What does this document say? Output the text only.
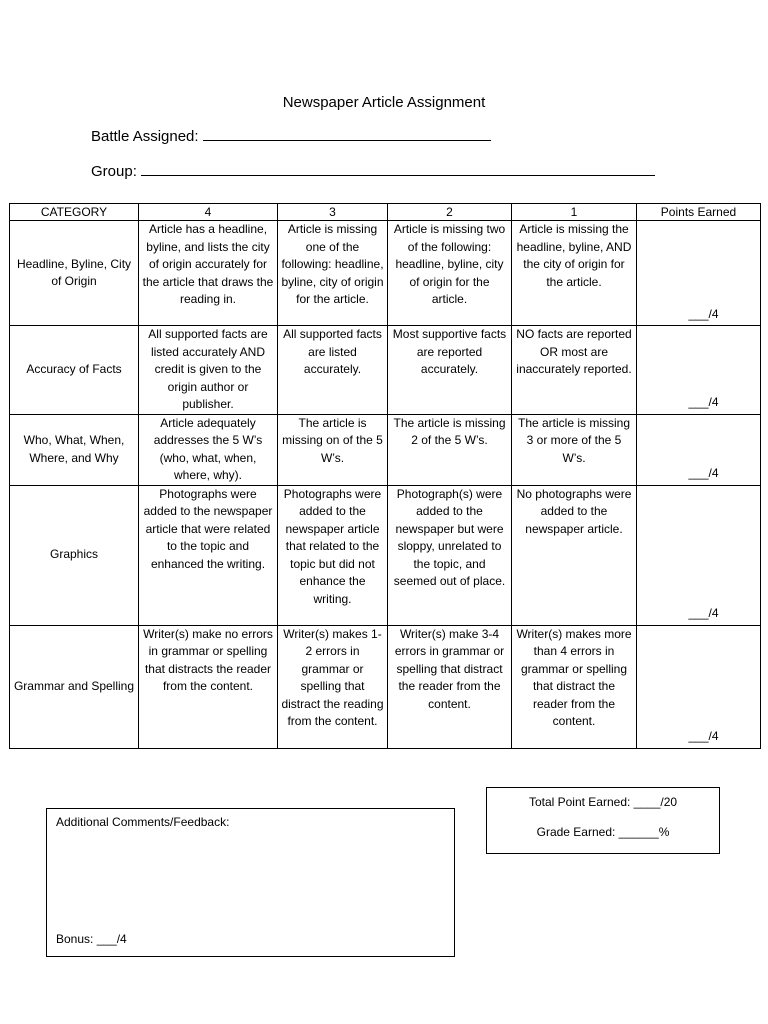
Newspaper Article Assignment
Battle Assigned:
Group:
CATEGORY	4	3	2	1	Points Earned
Headline, Byline, City of Origin	Article has a headline, byline, and lists the city of origin accurately for the article that draws the reading in.	Article is missing one of the following: headline, byline, city of origin for the article.	Article is missing two of the following: headline, byline, city of origin for the article.	Article is missing the headline, byline, AND the city of origin for the article.	___/4
Accuracy of Facts	All supported facts are listed accurately AND credit is given to the origin author or publisher.	All supported facts are listed accurately.	Most supportive facts are reported accurately.	NO facts are reported OR most are inaccurately reported.	___/4
Who, What, When, Where, and Why	Article adequately addresses the 5 W’s (who, what, when, where, why).	The article is missing on of the 5 W’s.	The article is missing 2 of the 5 W’s.	The article is missing 3 or more of the 5 W’s.	___/4
Graphics	Photographs were added to the newspaper article that were related to the topic and enhanced the writing.	Photographs were added to the newspaper article that related to the topic but did not enhance the writing.	Photograph(s) were added to the newspaper but were sloppy, unrelated to the topic, and seemed out of place.	No photographs were added to the newspaper article.	___/4
Grammar and Spelling	Writer(s) make no errors in grammar or spelling that distracts the reader from the content.	Writer(s) makes 1-2 errors in grammar or spelling that distract the reading from the content.	Writer(s) make 3-4 errors in grammar or spelling that distract the reader from the content.	Writer(s) makes more than 4 errors in grammar or spelling that distract the reader from the content.	___/4
Total Point Earned: ____/20
Grade Earned: ______%
Additional Comments/Feedback:
Bonus: ___/4
